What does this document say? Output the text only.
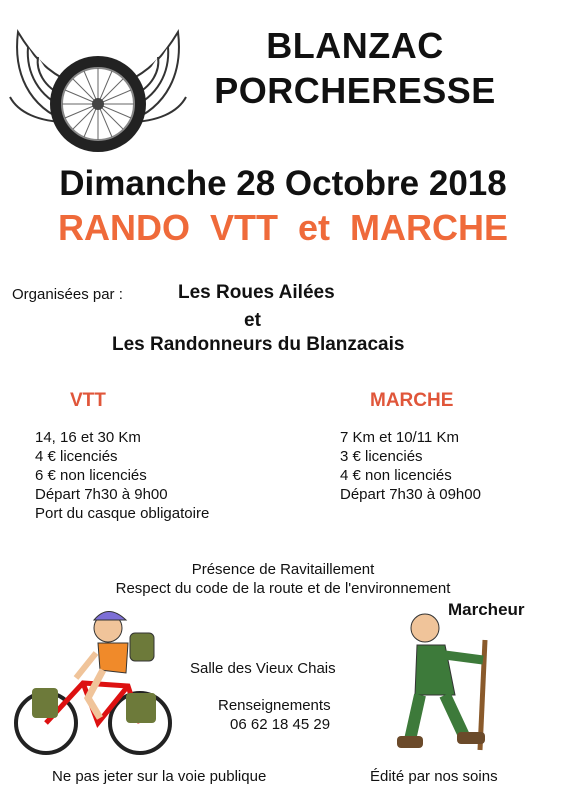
BLANZAC
PORCHERESSE
Dimanche 28 Octobre 2018
RANDO VTT et MARCHE
Organisées par :	Les Roues Ailées
et
Les Randonneurs du Blanzacais
VTT
14, 16 et 30 Km
4 € licenciés
6 € non licenciés
Départ 7h30 à 9h00
Port du casque obligatoire
MARCHE
7 Km et 10/11 Km
3 € licenciés
4 € non licenciés
Départ 7h30 à 09h00
Présence de Ravitaillement
Respect du code de la route et de l'environnement
Salle des Vieux Chais
Renseignements
06 62 18 45 29
Marcheur
Ne pas jeter sur la voie publique	Édité par nos soins
